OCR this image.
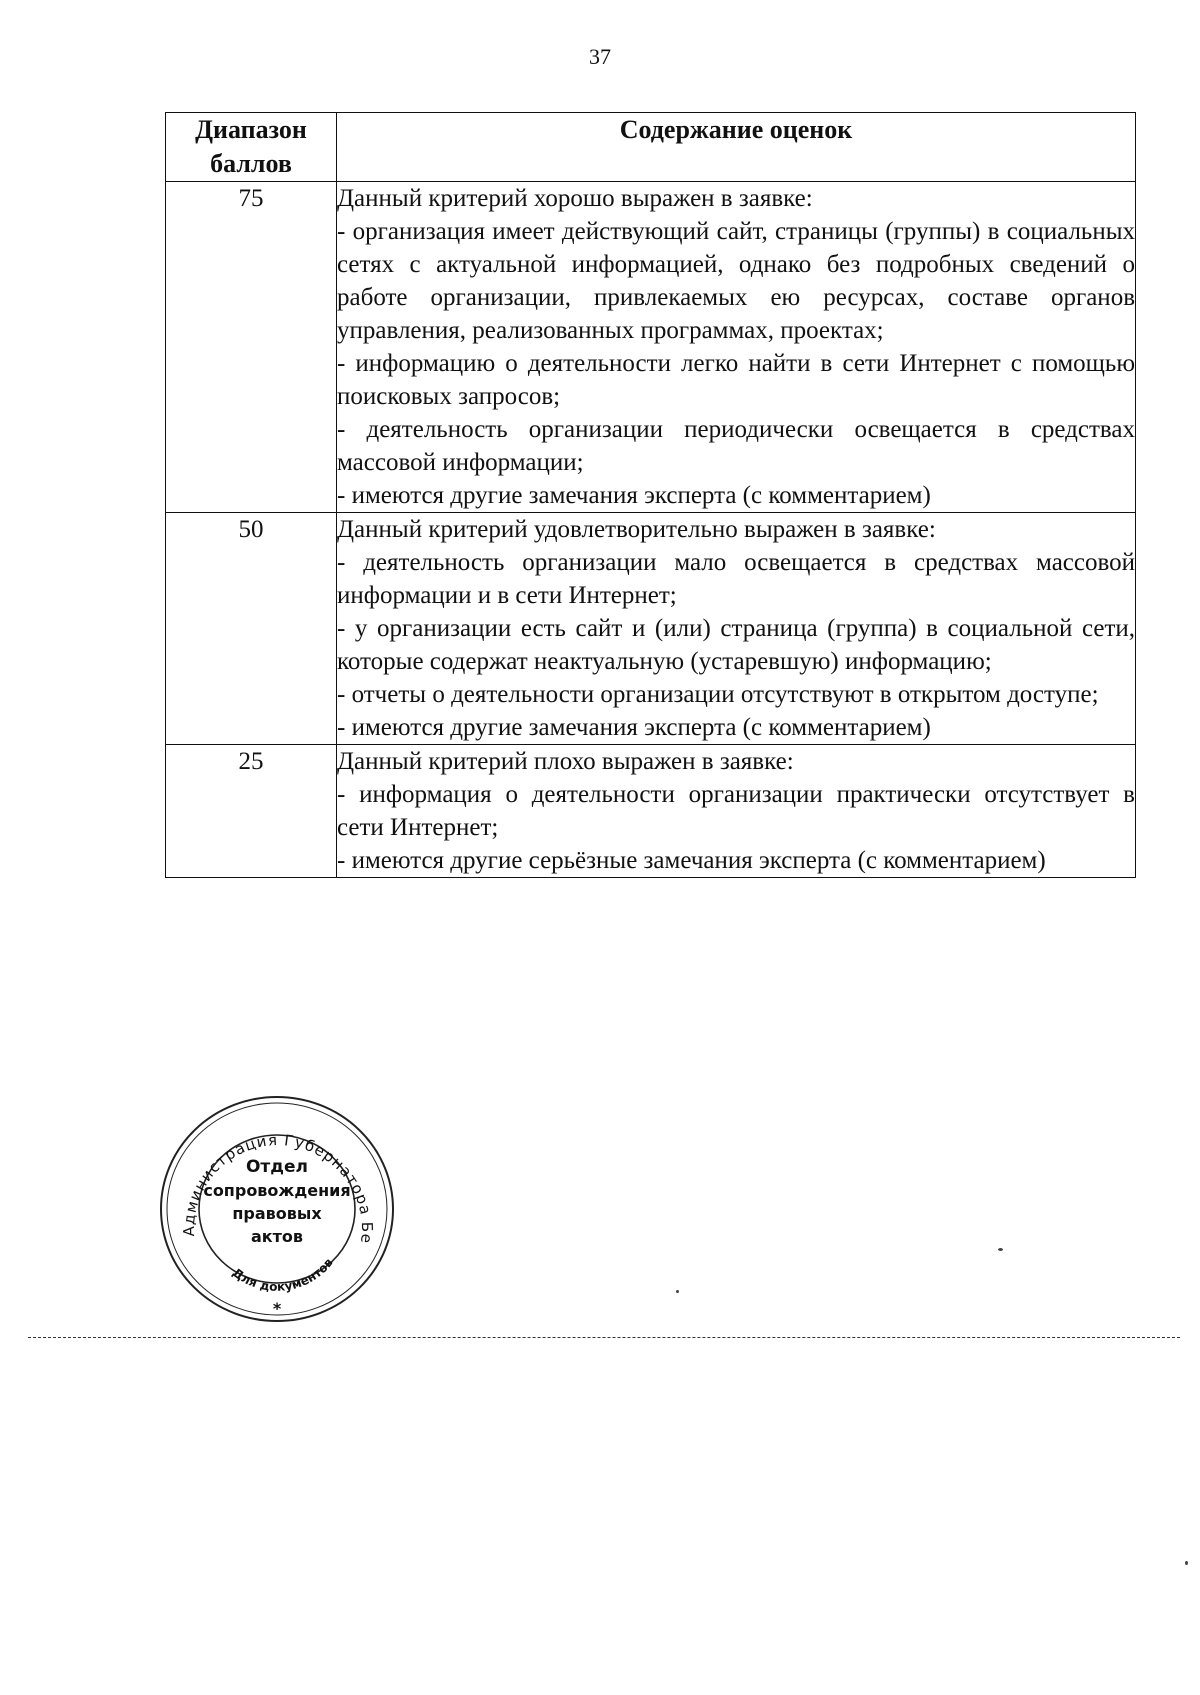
37
Диапазон баллов	Содержание оценок
75	Данный критерий хорошо выражен в заявке:
- организация имеет действующий сайт, страницы (группы) в социальных сетях с актуальной информацией, однако без подробных сведений о работе организации, привлекаемых ею ресурсах, составе органов управления, реализованных программах, проектах;
- информацию о деятельности легко найти в сети Интернет с помощью поисковых запросов;
- деятельность организации периодически освещается в средствах массовой информации;
- имеются другие замечания эксперта (с комментарием)

50	Данный критерий удовлетворительно выражен в заявке:
- деятельность организации мало освещается в средствах массовой информации и в сети Интернет;
- у организации есть сайт и (или) страница (группа) в социальной сети, которые содержат неактуальную (устаревшую) информацию;
- отчеты о деятельности организации отсутствуют в открытом доступе;
- имеются другие замечания эксперта (с комментарием)

25	Данный критерий плохо выражен в заявке:
- информация о деятельности организации практически отсутствует в сети Интернет;
- имеются другие серьёзные замечания эксперта (с комментарием)
Администрация Губернатора Бе
Для документов
Отдел
сопровождения
правовых
актов
*
